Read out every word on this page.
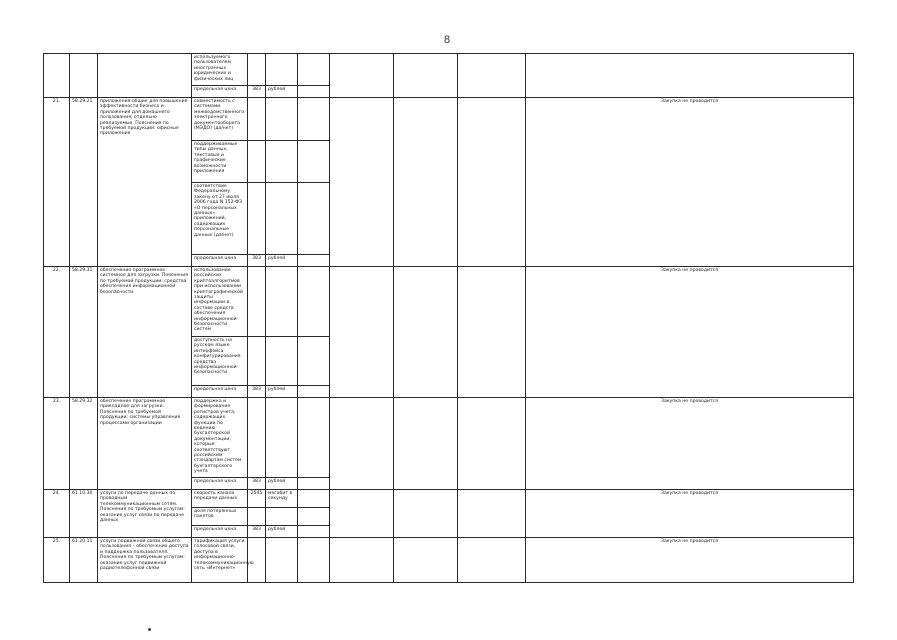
8
			используемого пользователем иностранных юридических и физических лиц							
			предельная цена	383	рублей					
21.	58.29.21	приложения общие для повышения эффективности бизнеса и приложения для домашнего пользования, отдельно реализуемые. Пояснения по требуемой продукции: офисные приложения	совместимость с системами межведомственного электронного документооборота (МЭДО) (да/нет)							Закупка не проводится
			поддерживаемые типы данных, текстовые и графические возможности приложения							
			соответствие Федеральному закону от 27 июля 2006 года N 152-ФЗ «О персональных данных» приложений, содержащих персональные данные (да/нет)							
			предельная цена	383	рублей					
22.	58.29.31	обеспечение программное системное для загрузки. Пояснения по требуемой продукции: средства обеспечения информационной безопасности	использование российских криптоалгоритмов при использовании криптографической защиты информации в составе средств обеспечения информационной безопасности систем							Закупка не проводится
			доступность на русском языке интерфейса конфигурирования средства информационной безопасности							
			предельная цена	383	рублей					
23.	58.29.32	обеспечение программное прикладное для загрузки. Пояснения по требуемой продукции: системы управления процессами организации	поддержка и формирование регистров учета, содержащих функции по ведению бухгалтерской документации, которые соответствуют российским стандартам систем бухгалтерского учета							Закупка не проводится
			предельная цена	383	рублей					
24.	61.10.30	услуги по передаче данных по проводным телекоммуникационным сетям. Пояснения по требуемым услугам: оказание услуг связи по передаче данных	скорость канала передачи данных	2545	мегабит в секунду					Закупка не проводится
			доля потерянных пакетов							
			предельная цена	383	рублей					
25.	61.20.11	услуги подвижной связи общего пользования – обеспечение доступа и поддержка пользователя. Пояснения по требуемым услугам: оказание услуг подвижной радиотелефонной связи	тарификация услуги голосовой связи, доступа в информационно-телекоммуникационную сеть «Интернет»							Закупка не проводится
